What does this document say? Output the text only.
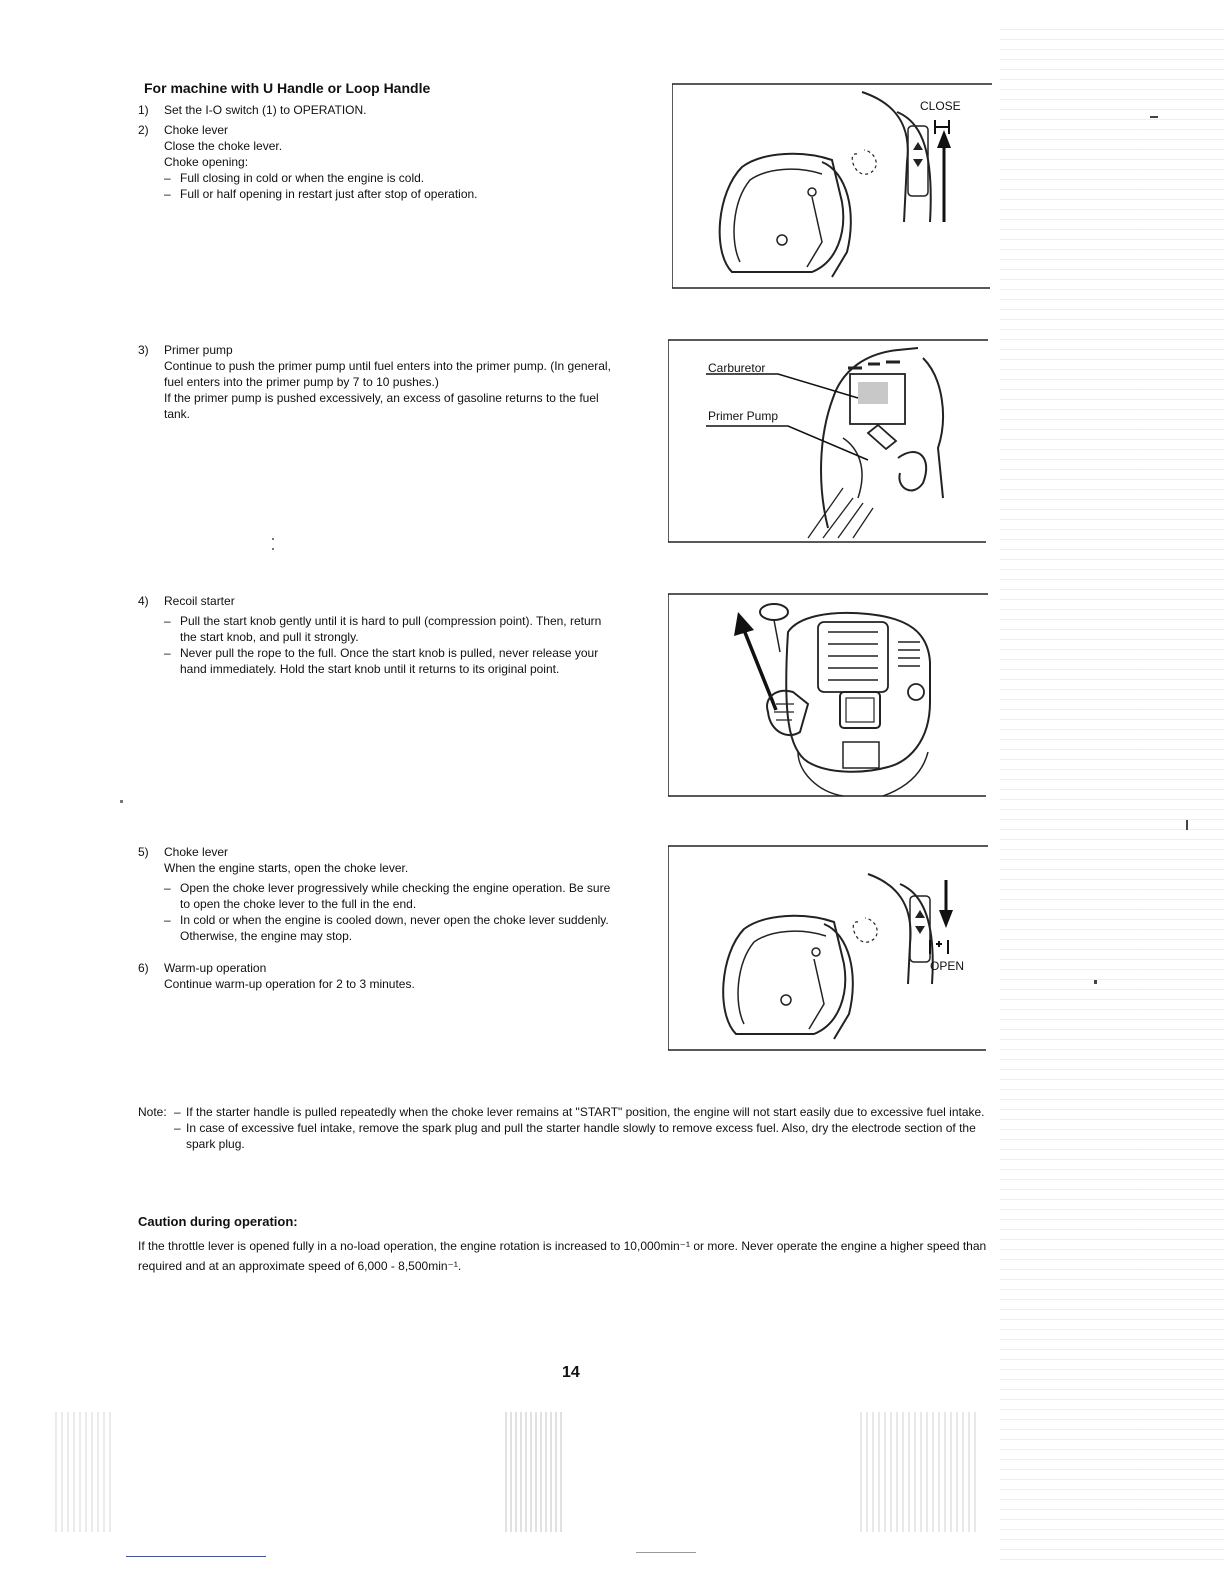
For machine with U Handle or Loop Handle
1) Set the I-O switch (1) to OPERATION.
2) Choke lever
Close the choke lever.
Choke opening:
– Full closing in cold or when the engine is cold.
– Full or half opening in restart just after stop of operation.
3) Primer pump
Continue to push the primer pump until fuel enters into the primer pump. (In general, fuel enters into the primer pump by 7 to 10 pushes.)
If the primer pump is pushed excessively, an excess of gasoline returns to the fuel tank.
4) Recoil starter
– Pull the start knob gently until it is hard to pull (compression point). Then, return the start knob, and pull it strongly.
– Never pull the rope to the full. Once the start knob is pulled, never release your hand immediately. Hold the start knob until it returns to its original point.
5) Choke lever
When the engine starts, open the choke lever.
– Open the choke lever progressively while checking the engine operation. Be sure to open the choke lever to the full in the end.
– In cold or when the engine is cooled down, never open the choke lever suddenly. Otherwise, the engine may stop.
6) Warm-up operation
Continue warm-up operation for 2 to 3 minutes.
CLOSE
Carburetor
Primer Pump
OPEN
Note:
–	If the starter handle is pulled repeatedly when the choke lever remains at "START" position, the engine will not start easily due to excessive fuel intake.
– In case of excessive fuel intake, remove the spark plug and pull the starter handle slowly to remove excess fuel. Also, dry the electrode section of the spark plug.
Caution during operation:
If the throttle lever is opened fully in a no-load operation, the engine rotation is increased to 10,000min⁻¹ or more. Never operate the engine a higher speed than required and at an approximate speed of 6,000 - 8,500min⁻¹.
14
